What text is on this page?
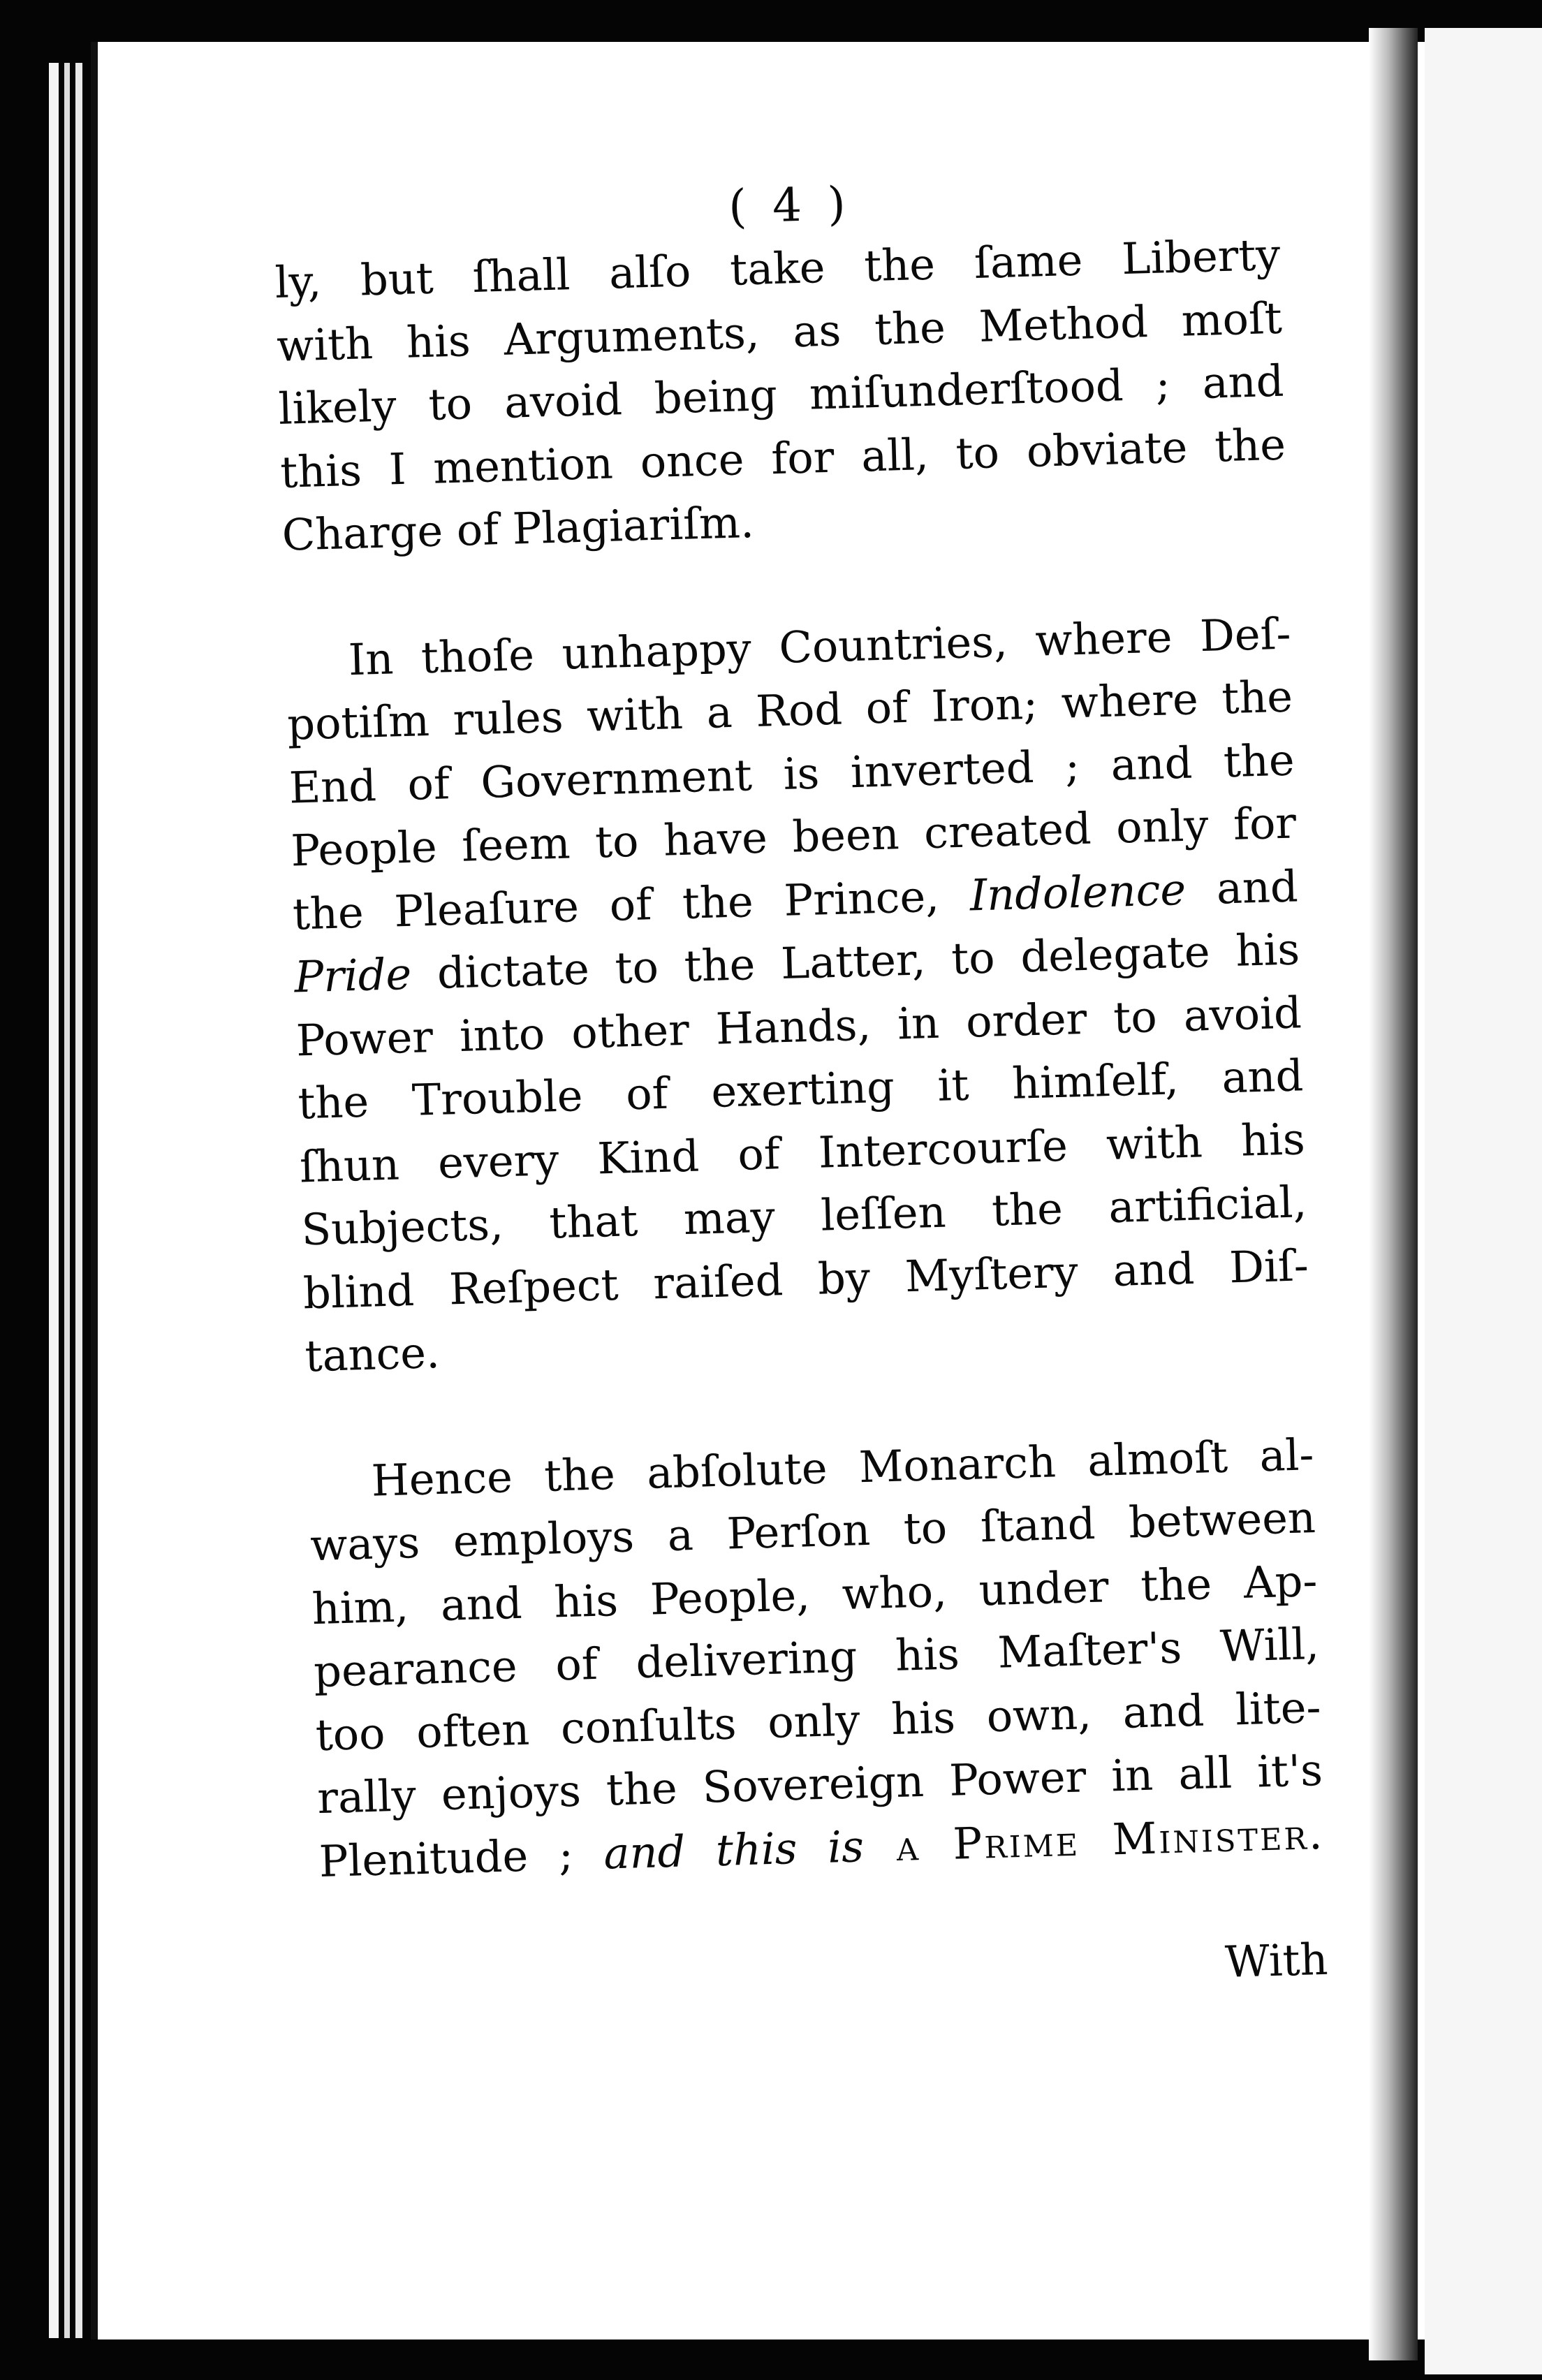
( 4 )
ly, but ſhall alſo take the ſame Liberty
with his Arguments, as the Method moſt
likely to avoid being miſunderſtood ; and
this I mention once for all, to obviate the
Charge of Plagiariſm.
In thoſe unhappy Countries, where Deſ-
potiſm rules with a Rod of Iron; where the
End of Government is inverted ; and the
People ſeem to have been created only for
the Pleaſure of the Prince, Indolence and
Pride dictate to the Latter, to delegate his
Power into other Hands, in order to avoid
the Trouble of exerting it himſelf, and
ſhun every Kind of Intercourſe with his
Subjects, that may leſſen the artificial,
blind Reſpect raiſed by Myſtery and Diſ-
tance.
Hence the abſolute Monarch almoſt al-
ways employs a Perſon to ſtand between
him, and his People, who, under the Ap-
pearance of delivering his Maſter's Will,
too often conſults only his own, and lite-
rally enjoys the Sovereign Power in all it's
Plenitude ; and this is a Prime Minister.
With
